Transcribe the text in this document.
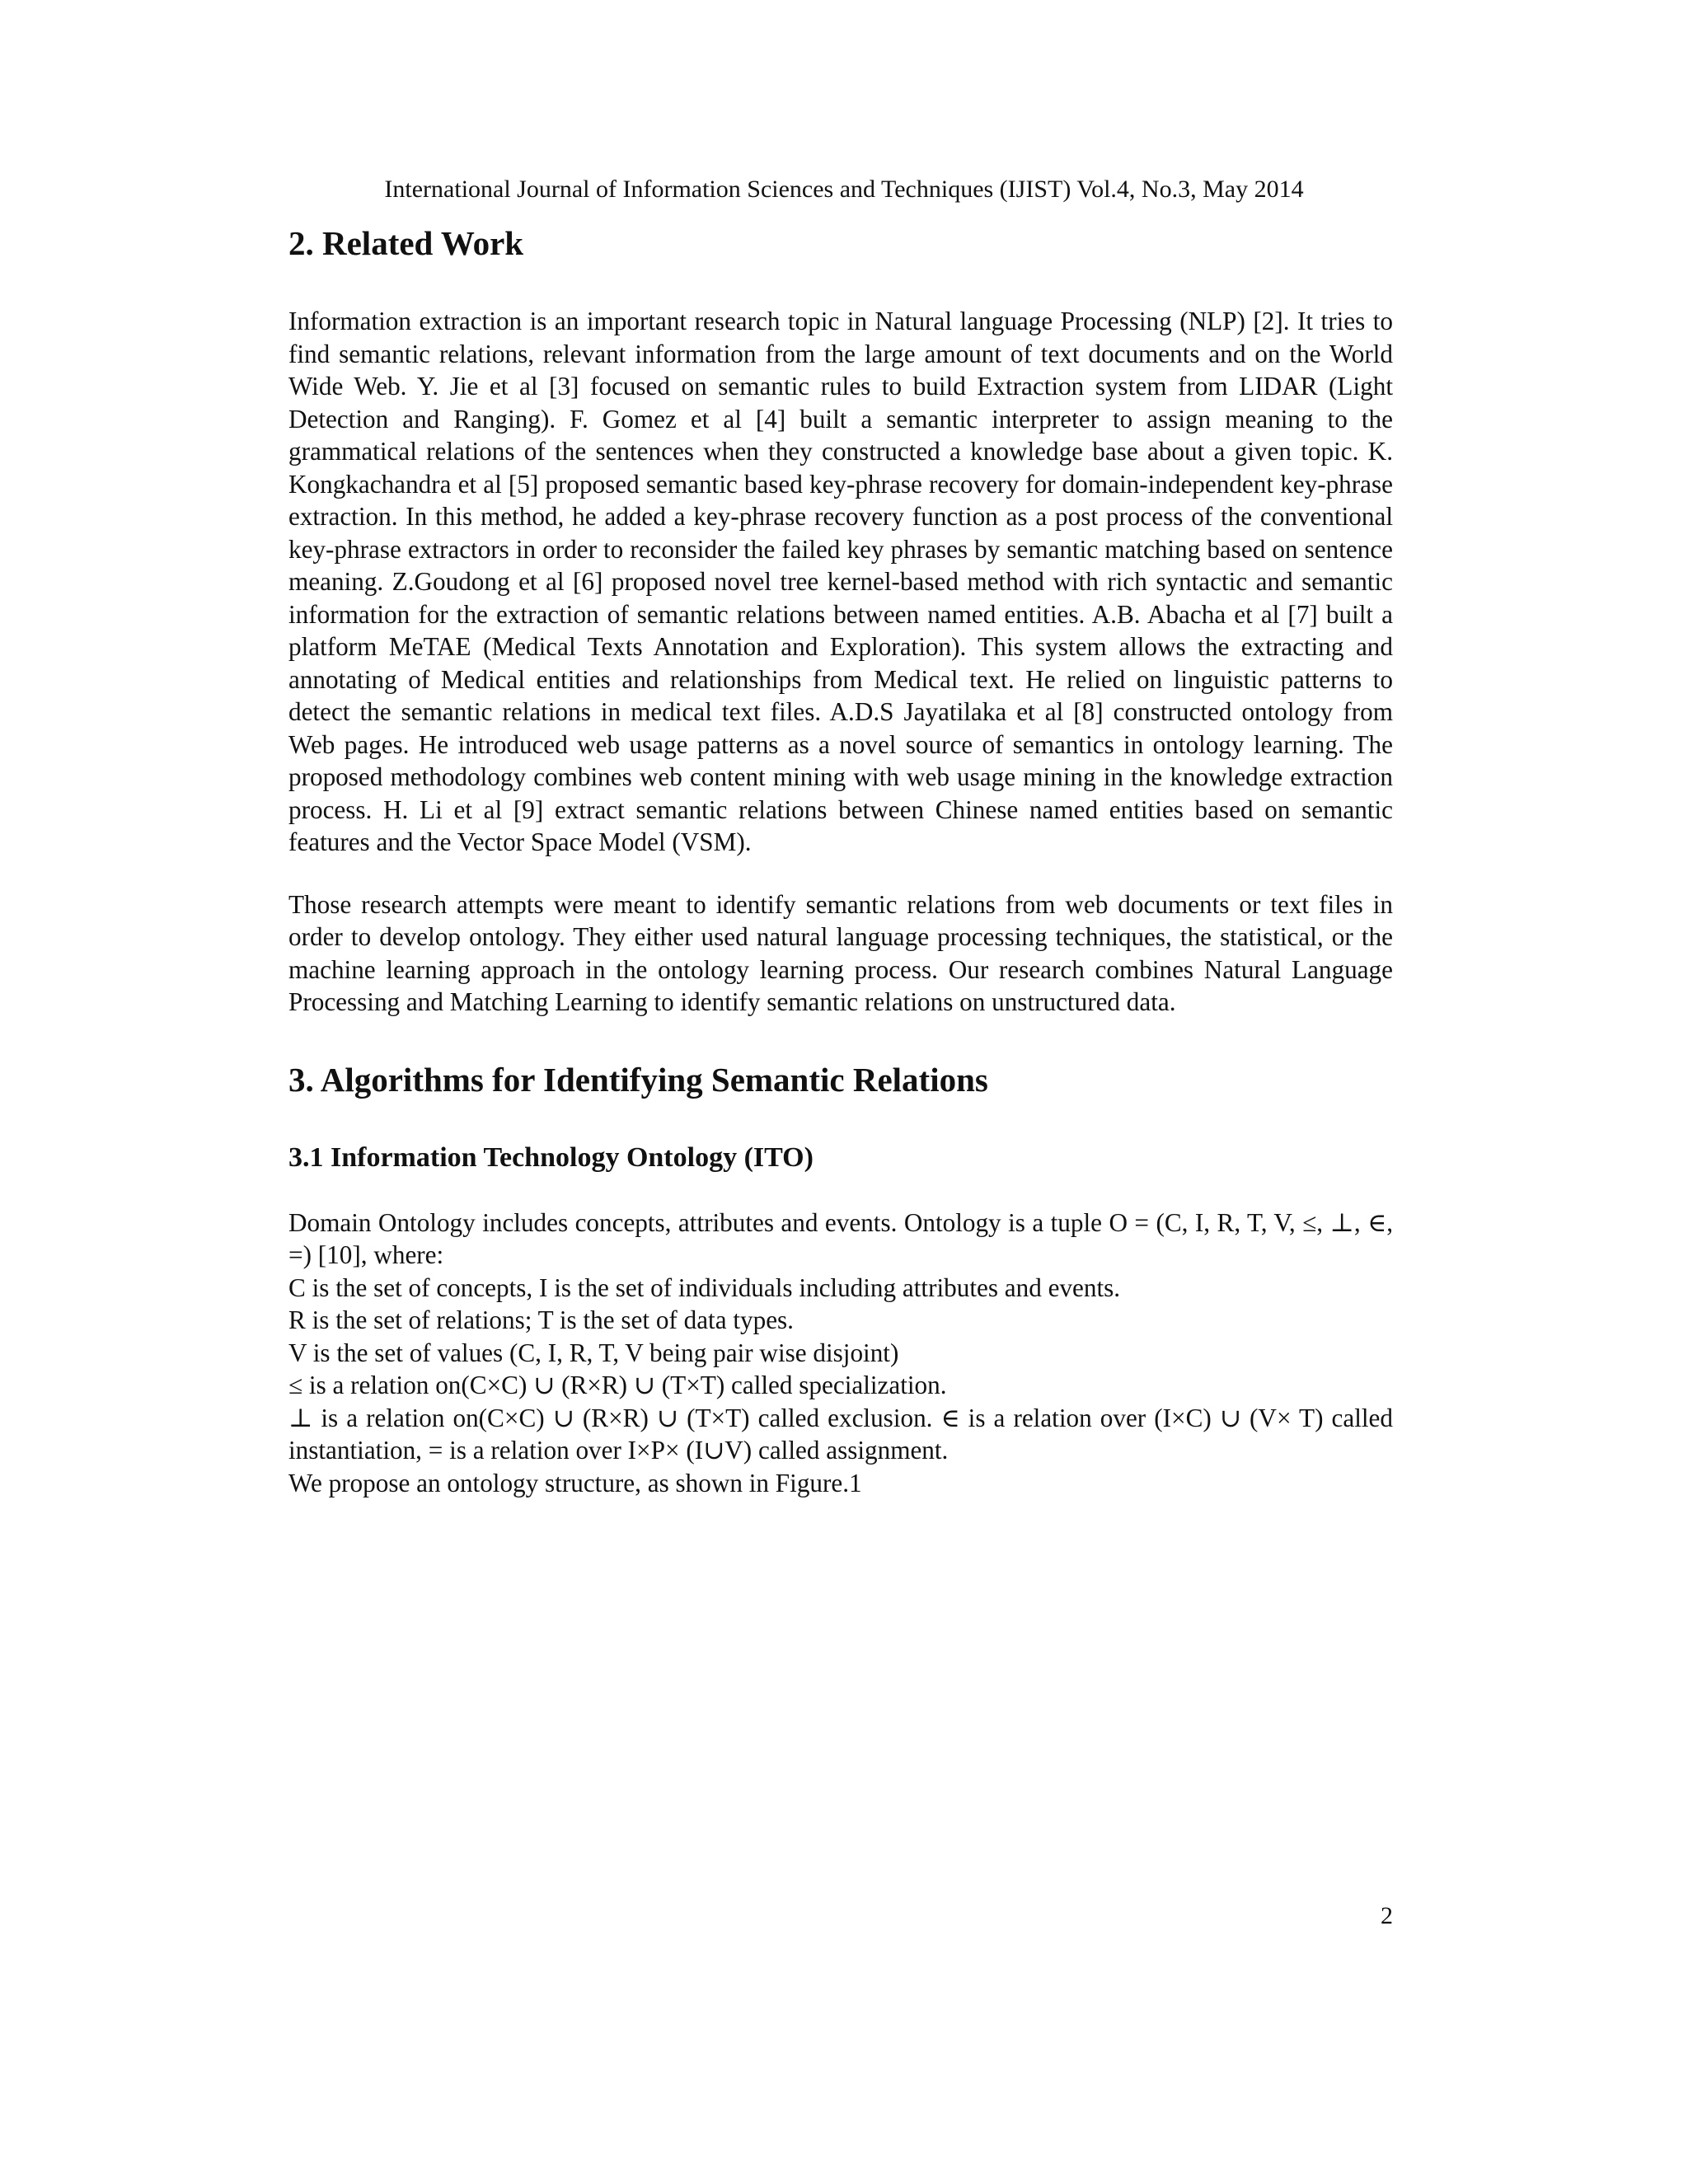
International Journal of Information Sciences and Techniques (IJIST) Vol.4, No.3, May 2014
2. Related Work

Information extraction is an important research topic in Natural language Processing (NLP) [2]. It tries to find semantic relations, relevant information from the large amount of text documents and on the World Wide Web. Y. Jie et al [3] focused on semantic rules to build Extraction system from LIDAR (Light Detection and Ranging). F. Gomez et al [4] built a semantic interpreter to assign meaning to the grammatical relations of the sentences when they constructed a knowledge base about a given topic. K. Kongkachandra et al [5] proposed semantic based key-phrase recovery for domain-independent key-phrase extraction. In this method, he added a key-phrase recovery function as a post process of the conventional key-phrase extractors in order to reconsider the failed key phrases by semantic matching based on sentence meaning. Z.Goudong et al [6] proposed novel tree kernel-based method with rich syntactic and semantic information for the extraction of semantic relations between named entities. A.B. Abacha et al [7] built a platform MeTAE (Medical Texts Annotation and Exploration). This system allows the extracting and annotating of Medical entities and relationships from Medical text. He relied on linguistic patterns to detect the semantic relations in medical text files. A.D.S Jayatilaka et al [8] constructed ontology from Web pages. He introduced web usage patterns as a novel source of semantics in ontology learning. The proposed methodology combines web content mining with web usage mining in the knowledge extraction process. H. Li et al [9] extract semantic relations between Chinese named entities based on semantic features and the Vector Space Model (VSM).

Those research attempts were meant to identify semantic relations from web documents or text files in order to develop ontology. They either used natural language processing techniques, the statistical, or the machine learning approach in the ontology learning process. Our research combines Natural Language Processing and Matching Learning to identify semantic relations on unstructured data.

3. Algorithms for Identifying Semantic Relations
3.1 Information Technology Ontology (ITO)

Domain Ontology includes concepts, attributes and events. Ontology is a tuple O = (C, I, R, T, V, ≤, ⊥, ∈, =) [10], where:

C is the set of concepts, I is the set of individuals including attributes and events.

R is the set of relations; T is the set of data types.

V is the set of values (C, I, R, T, V being pair wise disjoint)

≤ is a relation on(C×C) ∪ (R×R) ∪ (T×T) called specialization.

⊥ is a relation on(C×C) ∪ (R×R) ∪ (T×T) called exclusion. ∈ is a relation over (I×C) ∪ (V× T) called instantiation, = is a relation over I×P× (I∪V) called assignment.

We propose an ontology structure, as shown in Figure.1

2
